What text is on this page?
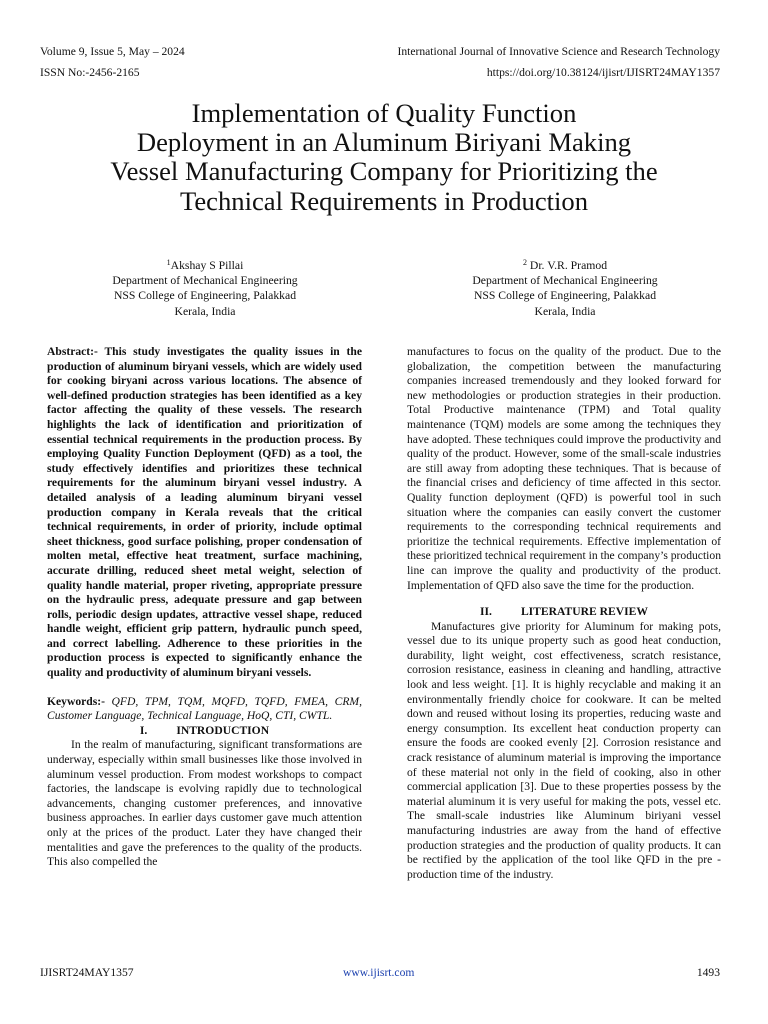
Volume 9, Issue 5, May – 2024	International Journal of Innovative Science and Research Technology
ISSN No:-2456-2165	https://doi.org/10.38124/ijisrt/IJISRT24MAY1357
Implementation of Quality Function
Deployment in an Aluminum Biriyani Making
Vessel Manufacturing Company for Prioritizing the
Technical Requirements in Production
$^1$Akshay S Pillai
Department of Mechanical Engineering
NSS College of Engineering, Palakkad
Kerala, India
$^2$ Dr. V.R. Pramod
Department of Mechanical Engineering
NSS College of Engineering, Palakkad
Kerala, India

Abstract:- This study investigates the quality issues in the production of aluminum biryani vessels, which are widely used for cooking biryani across various locations. The absence of well-defined production strategies has been identified as a key factor affecting the quality of these vessels. The research highlights the lack of identification and prioritization of essential technical requirements in the production process. By employing Quality Function Deployment (QFD) as a tool, the study effectively identifies and prioritizes these technical requirements for the aluminum biryani vessel industry. A detailed analysis of a leading aluminum biryani vessel production company in Kerala reveals that the critical technical requirements, in order of priority, include optimal sheet thickness, good surface polishing, proper condensation of molten metal, effective heat treatment, surface machining, accurate drilling, reduced sheet metal weight, selection of quality handle material, proper riveting, appropriate pressure on the hydraulic press, adequate pressure and gap between rolls, periodic design updates, attractive vessel shape, reduced handle weight, efficient grip pattern, hydraulic punch speed, and correct labelling. Adherence to these priorities in the production process is expected to significantly enhance the quality and productivity of aluminum biryani vessels.

Keywords:- QFD, TPM, TQM, MQFD, TQFD, FMEA, CRM, Customer Language, Technical Language, HoQ, CTI, CWTL.

I.          INTRODUCTION

In the realm of manufacturing, significant transformations are underway, especially within small businesses like those involved in aluminum vessel production. From modest workshops to compact factories, the landscape is evolving rapidly due to technological advancements, changing customer preferences, and innovative business approaches. In earlier days customer gave much attention only at the prices of the product. Later they have changed their mentalities and gave the preferences to the quality of the products. This also compelled the

manufactures to focus on the quality of the product. Due to the globalization, the competition between the manufacturing companies increased tremendously and they looked forward for new methodologies or production strategies in their production. Total Productive maintenance (TPM) and Total quality maintenance (TQM) models are some among the techniques they have adopted. These techniques could improve the productivity and quality of the product. However, some of the small-scale industries are still away from adopting these techniques. That is because of the financial crises and deficiency of time affected in this sector. Quality function deployment (QFD) is powerful tool in such situation where the companies can easily convert the customer requirements to the corresponding technical requirements and prioritize the technical requirements. Effective implementation of these prioritized technical requirement in the company’s production line can improve the quality and productivity of the product. Implementation of QFD also save the time for the production.

II.          LITERATURE REVIEW

Manufactures give priority for Aluminum for making pots, vessel due to its unique property such as good heat conduction, durability, light weight, cost effectiveness, scratch resistance, corrosion resistance, easiness in cleaning and handling, attractive look and less weight. [1]. It is highly recyclable and making it an environmentally friendly choice for cookware. It can be melted down and reused without losing its properties, reducing waste and energy consumption. Its excellent heat conduction property can ensure the foods are cooked evenly [2]. Corrosion resistance and crack resistance of aluminum material is improving the importance of these material not only in the field of cooking, also in other commercial application [3]. Due to these properties possess by the material aluminum it is very useful for making the pots, vessel etc. The small-scale industries like Aluminum biriyani vessel manufacturing industries are away from the hand of effective production strategies and the production of quality products. It can be rectified by the application of the tool like QFD in the pre -production time of the industry.

IJISRT24MAY1357	www.ijisrt.com	1493
